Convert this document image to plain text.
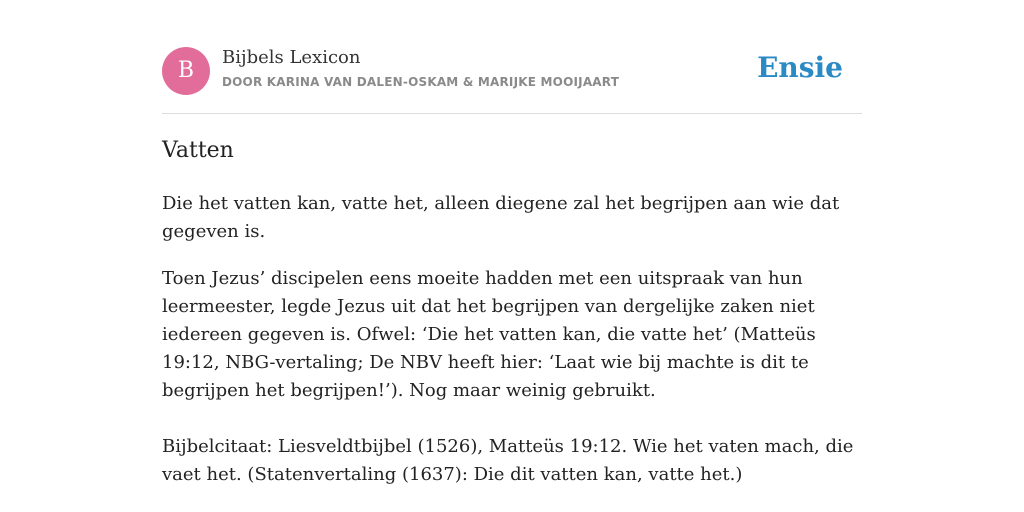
B
Bijbels Lexicon
DOOR KARINA VAN DALEN-OSKAM & MARIJKE MOOIJAART	Ensie
Vatten

Die het vatten kan, vatte het, alleen diegene zal het begrijpen aan wie dat gegeven is.

Toen Jezus’ discipelen eens moeite hadden met een uitspraak van hun leermeester, legde Jezus uit dat het begrijpen van dergelijke zaken niet iedereen gegeven is. Ofwel: ‘Die het vatten kan, die vatte het’ (Matteüs 19:12, NBG-vertaling; De NBV heeft hier: ‘Laat wie bij machte is dit te begrijpen het begrijpen!’). Nog maar weinig gebruikt.

Bijbelcitaat: Liesveldtbijbel (1526), Matteüs 19:12. Wie het vaten mach, die vaet het. (Statenvertaling (1637): Die dit vatten kan, vatte het.)
